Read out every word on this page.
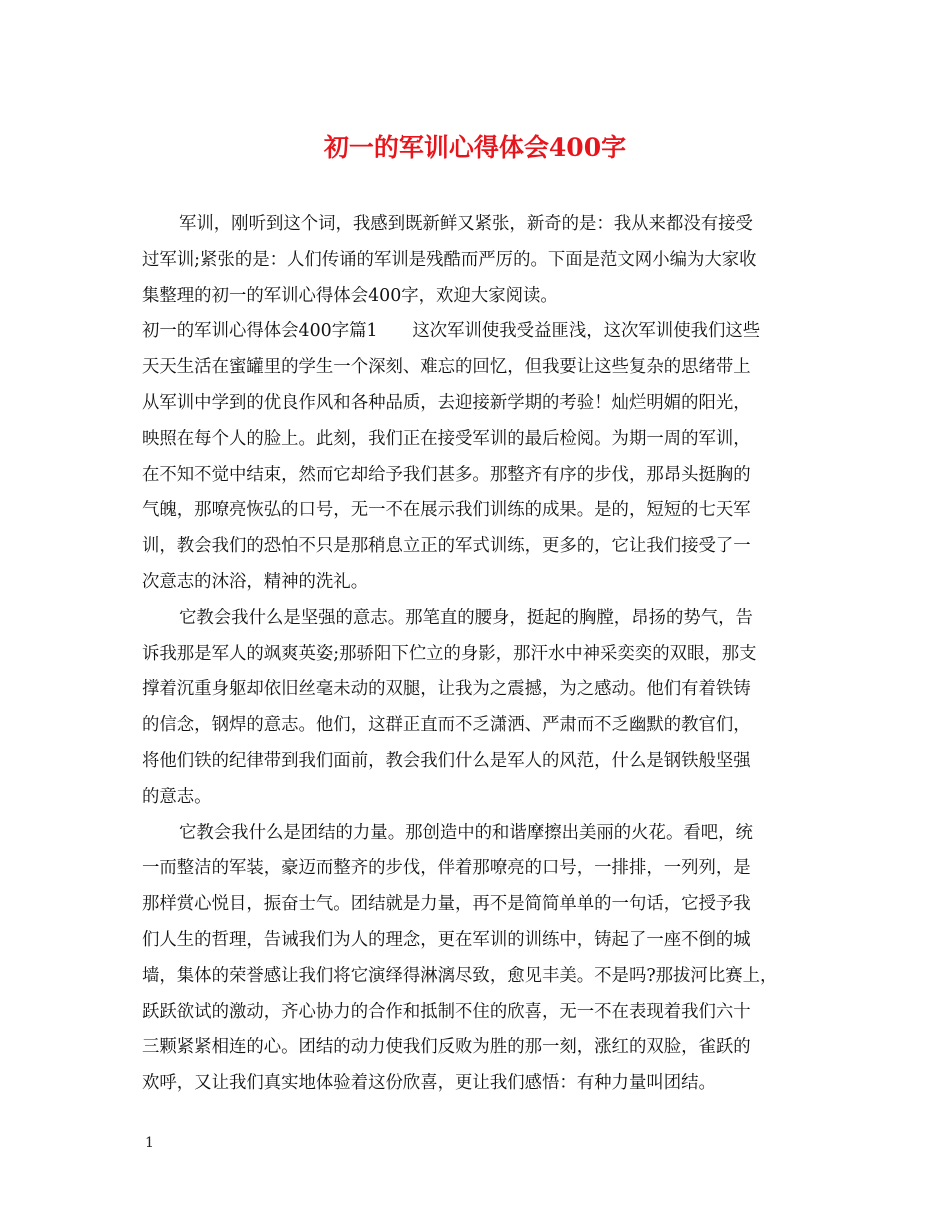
初一的军训心得体会400字
军训，刚听到这个词，我感到既新鲜又紧张，新奇的是：我从来都没有接受
过军训;紧张的是：人们传诵的军训是残酷而严厉的。下面是范文网小编为大家收
集整理的初一的军训心得体会400字，欢迎大家阅读。
初一的军训心得体会400字篇1　　这次军训使我受益匪浅，这次军训使我们这些
天天生活在蜜罐里的学生一个深刻、难忘的回忆，但我要让这些复杂的思绪带上
从军训中学到的优良作风和各种品质，去迎接新学期的考验！灿烂明媚的阳光，
映照在每个人的脸上。此刻，我们正在接受军训的最后检阅。为期一周的军训，
在不知不觉中结束，然而它却给予我们甚多。那整齐有序的步伐，那昂头挺胸的
气魄，那嘹亮恢弘的口号，无一不在展示我们训练的成果。是的，短短的七天军
训，教会我们的恐怕不只是那稍息立正的军式训练，更多的，它让我们接受了一
次意志的沐浴，精神的洗礼。
它教会我什么是坚强的意志。那笔直的腰身，挺起的胸膛，昂扬的势气，告
诉我那是军人的飒爽英姿;那骄阳下伫立的身影，那汗水中神采奕奕的双眼，那支
撑着沉重身躯却依旧丝毫未动的双腿，让我为之震撼，为之感动。他们有着铁铸
的信念，钢焊的意志。他们，这群正直而不乏潇洒、严肃而不乏幽默的教官们，
将他们铁的纪律带到我们面前，教会我们什么是军人的风范，什么是钢铁般坚强
的意志。
它教会我什么是团结的力量。那创造中的和谐摩擦出美丽的火花。看吧，统
一而整洁的军装，豪迈而整齐的步伐，伴着那嘹亮的口号，一排排，一列列，是
那样赏心悦目，振奋士气。团结就是力量，再不是简简单单的一句话，它授予我
们人生的哲理，告诫我们为人的理念，更在军训的训练中，铸起了一座不倒的城
墙，集体的荣誉感让我们将它演绎得淋漓尽致，愈见丰美。不是吗?那拔河比赛上，
跃跃欲试的激动，齐心协力的合作和抵制不住的欣喜，无一不在表现着我们六十
三颗紧紧相连的心。团结的动力使我们反败为胜的那一刻，涨红的双脸，雀跃的
欢呼，又让我们真实地体验着这份欣喜，更让我们感悟：有种力量叫团结。
1
